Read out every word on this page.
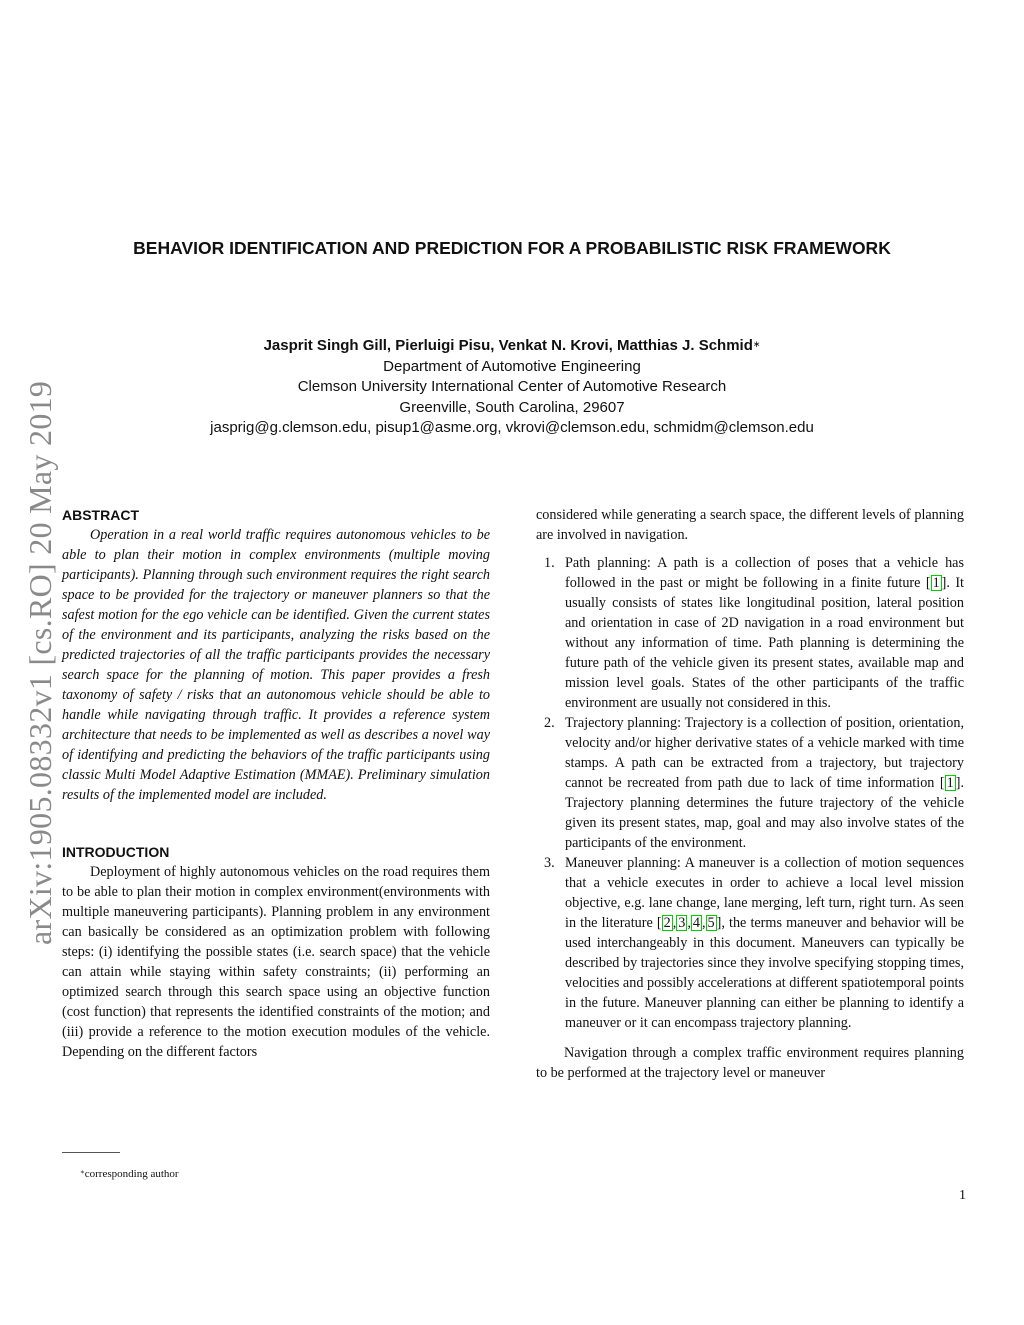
arXiv:1905.08332v1 [cs.RO] 20 May 2019
BEHAVIOR IDENTIFICATION AND PREDICTION FOR A PROBABILISTIC RISK FRAMEWORK
Jasprit Singh Gill, Pierluigi Pisu, Venkat N. Krovi, Matthias J. Schmid∗
Department of Automotive Engineering
Clemson University International Center of Automotive Research
Greenville, South Carolina, 29607
jasprig@g.clemson.edu, pisup1@asme.org, vkrovi@clemson.edu, schmidm@clemson.edu
ABSTRACT

Operation in a real world traffic requires autonomous vehicles to be able to plan their motion in complex environments (multiple moving participants). Planning through such environment requires the right search space to be provided for the trajectory or maneuver planners so that the safest motion for the ego vehicle can be identified. Given the current states of the environment and its participants, analyzing the risks based on the predicted trajectories of all the traffic participants provides the necessary search space for the planning of motion. This paper provides a fresh taxonomy of safety / risks that an autonomous vehicle should be able to handle while navigating through traffic. It provides a reference system architecture that needs to be implemented as well as describes a novel way of identifying and predicting the behaviors of the traffic participants using classic Multi Model Adaptive Estimation (MMAE). Preliminary simulation results of the implemented model are included.

INTRODUCTION

Deployment of highly autonomous vehicles on the road requires them to be able to plan their motion in complex environment(environments with multiple maneuvering participants). Planning problem in any environment can basically be considered as an optimization problem with following steps: (i) identifying the possible states (i.e. search space) that the vehicle can attain while staying within safety constraints; (ii) performing an optimized search through this search space using an objective function (cost function) that represents the identified constraints of the motion; and (iii) provide a reference to the motion execution modules of the vehicle. Depending on the different factors

considered while generating a search space, the different levels of planning are involved in navigation.

1. Path planning: A path is a collection of poses that a vehicle has followed in the past or might be following in a finite future [ 1 ]. It usually consists of states like longitudinal position, lateral position and orientation in case of 2D navigation in a road environment but without any information of time. Path planning is determining the future path of the vehicle given its present states, available map and mission level goals. States of the other participants of the traffic environment are usually not considered in this.
2. Trajectory planning: Trajectory is a collection of position, orientation, velocity and/or higher derivative states of a vehicle marked with time stamps. A path can be extracted from a trajectory, but trajectory cannot be recreated from path due to lack of time information [ 1 ]. Trajectory planning determines the future trajectory of the vehicle given its present states, map, goal and may also involve states of the participants of the environment.
3. Maneuver planning: A maneuver is a collection of motion sequences that a vehicle executes in order to achieve a local level mission objective, e.g. lane change, lane merging, left turn, right turn. As seen in the literature [ 2 , 3 , 4 , 5 ], the terms maneuver and behavior will be used interchangeably in this document. Maneuvers can typically be described by trajectories since they involve specifying stopping times, velocities and possibly accelerations at different spatiotemporal points in the future. Maneuver planning can either be planning to identify a maneuver or it can encompass trajectory planning.

Navigation through a complex traffic environment requires planning to be performed at the trajectory level or maneuver

∗corresponding author
1
